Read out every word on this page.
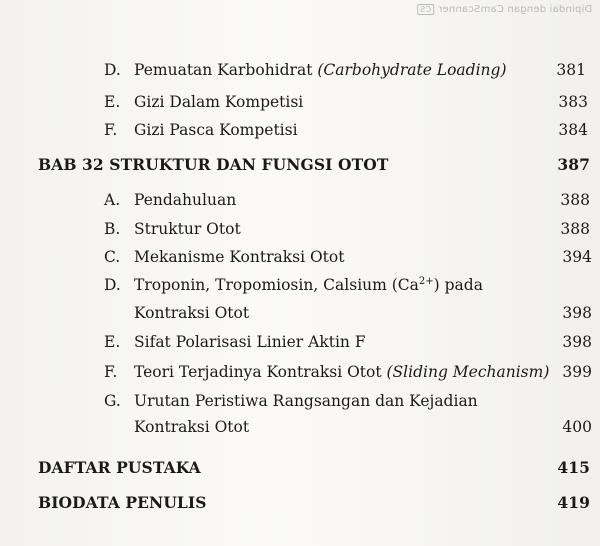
Dipindai dengan CamScannerCS
D. Pemuatan Karbohidrat (Carbohydrate Loading)	381
E. Gizi Dalam Kompetisi	383
F.	Gizi Pasca Kompetisi	384
BAB 32 STRUKTUR DAN FUNGSI OTOT	387
A. Pendahuluan	388
B. Struktur Otot	388
C. Mekanisme Kontraksi Otot	394
D. Troponin, Tropomiosin, Calsium $(Ca^{2+})$ pada
Kontraksi Otot	398
E. Sifat Polarisasi Linier Aktin F	398
F.	Teori Terjadinya Kontraksi Otot (Sliding Mechanism) 399
G. Urutan Peristiwa Rangsangan dan Kejadian
Kontraksi Otot	400
DAFTAR PUSTAKA	415
BIODATA PENULIS	419
